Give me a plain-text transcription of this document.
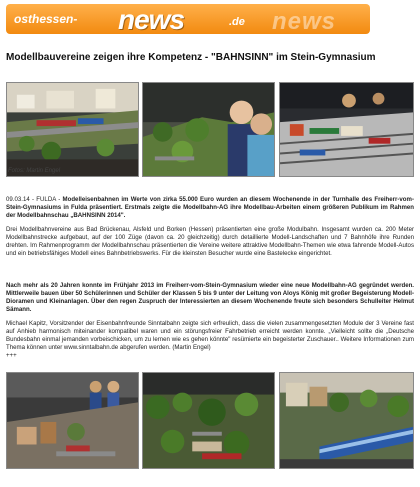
news
osthessen- news	.de
Modellbauvereine zeigen ihre Kompetenz - "BAHNSINN" im Stein-Gymnasium
Fotos: Martin Engel
09.03.14 - FULDA - Modelleisenbahnen im Werte von zirka 55.000 Euro wurden an diesem Wochenende in der Turnhalle des Freiherr-vom-Stein-Gymnasiums in Fulda präsentiert. Erstmals zeigte die Modellbahn-AG ihre Modellbau-Arbeiten einem größeren Publikum im Rahmen der Modellbahnschau „BAHNSINN 2014".
Drei Modellbahnvereine aus Bad Brückenau, Alsfeld und Borken (Hessen) präsentierten eine große Modulbahn. Insgesamt wurden ca. 200 Meter Modellbahnstrecke aufgebaut, auf der 100 Züge (davon ca. 20 gleichzeitig) durch detaillierte Modell-Landschaften und 7 Bahnhöfe ihre Runden drehten. Im Rahmenprogramm der Modellbahnschau präsentierten die Vereine weitere attraktive Modellbahn-Themen wie etwa fahrende Modell-Autos und ein betriebsfähiges Modell eines Bahnbetriebswerks. Für die kleinsten Besucher wurde eine Bastelecke eingerichtet.
Nach mehr als 20 Jahren konnte im Frühjahr 2013 im Freiherr-vom-Stein-Gymnasium wieder eine neue Modellbahn-AG gegründet werden. Mittlerweile bauen über 50 Schülerinnen und Schüler der Klassen 5 bis 9 unter der Leitung von Aloys König mit großer Begeisterung Modell-Dioramen und Kleinanlagen. Über den regen Zuspruch der Interessierten an diesem Wochenende freute sich besonders Schulleiter Helmut Sämann.
Michael Kapitz, Vorsitzender der Eisenbahnfreunde Sinntalbahn zeigte sich erfreulich, dass die vielen zusammengesetzten Module der 3 Vereine fast auf Anhieb harmonisch miteinander kompatibel waren und ein störungsfreier Fahrbetrieb erreicht werden konnte. „Vielleicht sollte die „Deutsche Bundesbahn einmal jemanden vorbeischicken, um zu lernen wie es gehen könnte" resümierte ein begeisterter Zuschauer.. Weitere Informationen zum Thema können unter www.sinntalbahn.de abgerufen werden. (Martin Engel)
+++
